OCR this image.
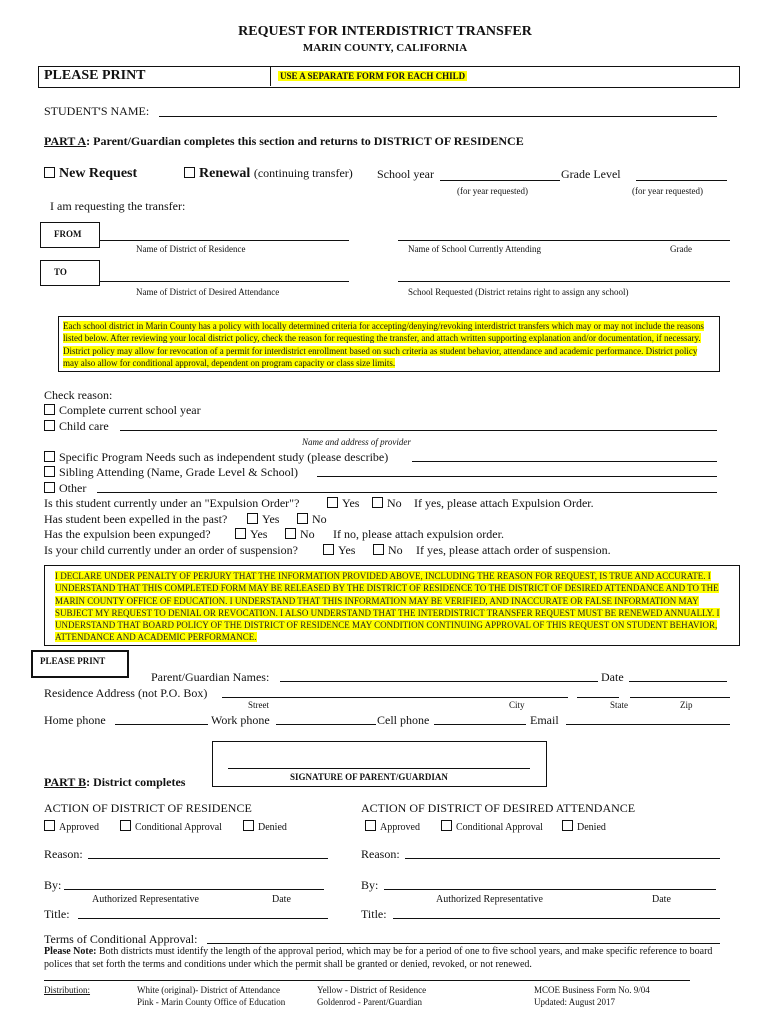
REQUEST FOR INTERDISTRICT TRANSFER
MARIN COUNTY, CALIFORNIA
PLEASE PRINT	USE A SEPARATE FORM FOR EACH CHILD
STUDENT'S NAME:
PART A: Parent/Guardian completes this section and returns to DISTRICT OF RESIDENCE
New Request	Renewal (continuing transfer) School year	Grade Level
(for year requested)	(for year requested)
I am requesting the transfer:
FROM
Name of District of Residence	Name of School Currently Attending	Grade
TO
Name of District of Desired Attendance	School Requested (District retains right to assign any school)
Each school district in Marin County has a policy with locally determined criteria for accepting/denying/revoking interdistrict transfers which may or may not include the reasons listed below. After reviewing your local district policy, check the reason for requesting the transfer, and attach written supporting explanation and/or documentation, if necessary. District policy may allow for revocation of a permit for interdistrict enrollment based on such criteria as student behavior, attendance and academic performance. District policy may also allow for conditional approval, dependent on program capacity or class size limits.
Check reason:
Complete current school year
Child care
Name and address of provider
Specific Program Needs such as independent study (please describe)
Sibling Attending (Name, Grade Level & School)
Other
Is this student currently under an "Expulsion Order"?	Yes	No If yes, please attach Expulsion Order.
Has student been expelled in the past?	Yes	No
Has the expulsion been expunged?	Yes	No If no, please attach expulsion order.
Is your child currently under an order of suspension?	Yes	No If yes, please attach order of suspension.
I DECLARE UNDER PENALTY OF PERJURY THAT THE INFORMATION PROVIDED ABOVE, INCLUDING THE REASON FOR REQUEST, IS TRUE AND ACCURATE. I UNDERSTAND THAT THIS COMPLETED FORM MAY BE RELEASED BY THE DISTRICT OF RESIDENCE TO THE DISTRICT OF DESIRED ATTENDANCE AND TO THE MARIN COUNTY OFFICE OF EDUCATION. I UNDERSTAND THAT THIS INFORMATION MAY BE VERIFIED, AND INACCURATE OR FALSE INFORMATION MAY SUBJECT MY REQUEST TO DENIAL OR REVOCATION. I ALSO UNDERSTAND THAT THE INTERDISTRICT TRANSFER REQUEST MUST BE RENEWED ANNUALLY. I UNDERSTAND THAT BOARD POLICY OF THE DISTRICT OF RESIDENCE MAY CONDITION CONTINUING APPROVAL OF THIS REQUEST ON STUDENT BEHAVIOR, ATTENDANCE AND ACADEMIC PERFORMANCE.
PLEASE PRINT
Parent/Guardian Names:	Date
Residence Address (not P.O. Box)
Street	City	State	Zip
Home phone	Work phone	Cell phone	Email
SIGNATURE OF PARENT/GUARDIAN
PART B: District completes
ACTION OF DISTRICT OF RESIDENCE	ACTION OF DISTRICT OF DESIRED ATTENDANCE
Approved	Conditional Approval	Denied	Approved	Conditional Approval	Denied
Reason:	Reason:
By:	By:
Authorized Representative	Date	Authorized Representative	Date
Title:	Title:
Terms of Conditional Approval:
Please Note: Both districts must identify the length of the approval period, which may be for a period of one to five school years, and make specific reference to board polices that set forth the terms and conditions under which the permit shall be granted or denied, revoked, or not renewed.
Distribution:	White (original)- District of Attendance
Pink - Marin County Office of Education
Yellow - District of Residence
Goldenrod - Parent/Guardian
MCOE Business Form No. 9/04
Updated: August 2017
